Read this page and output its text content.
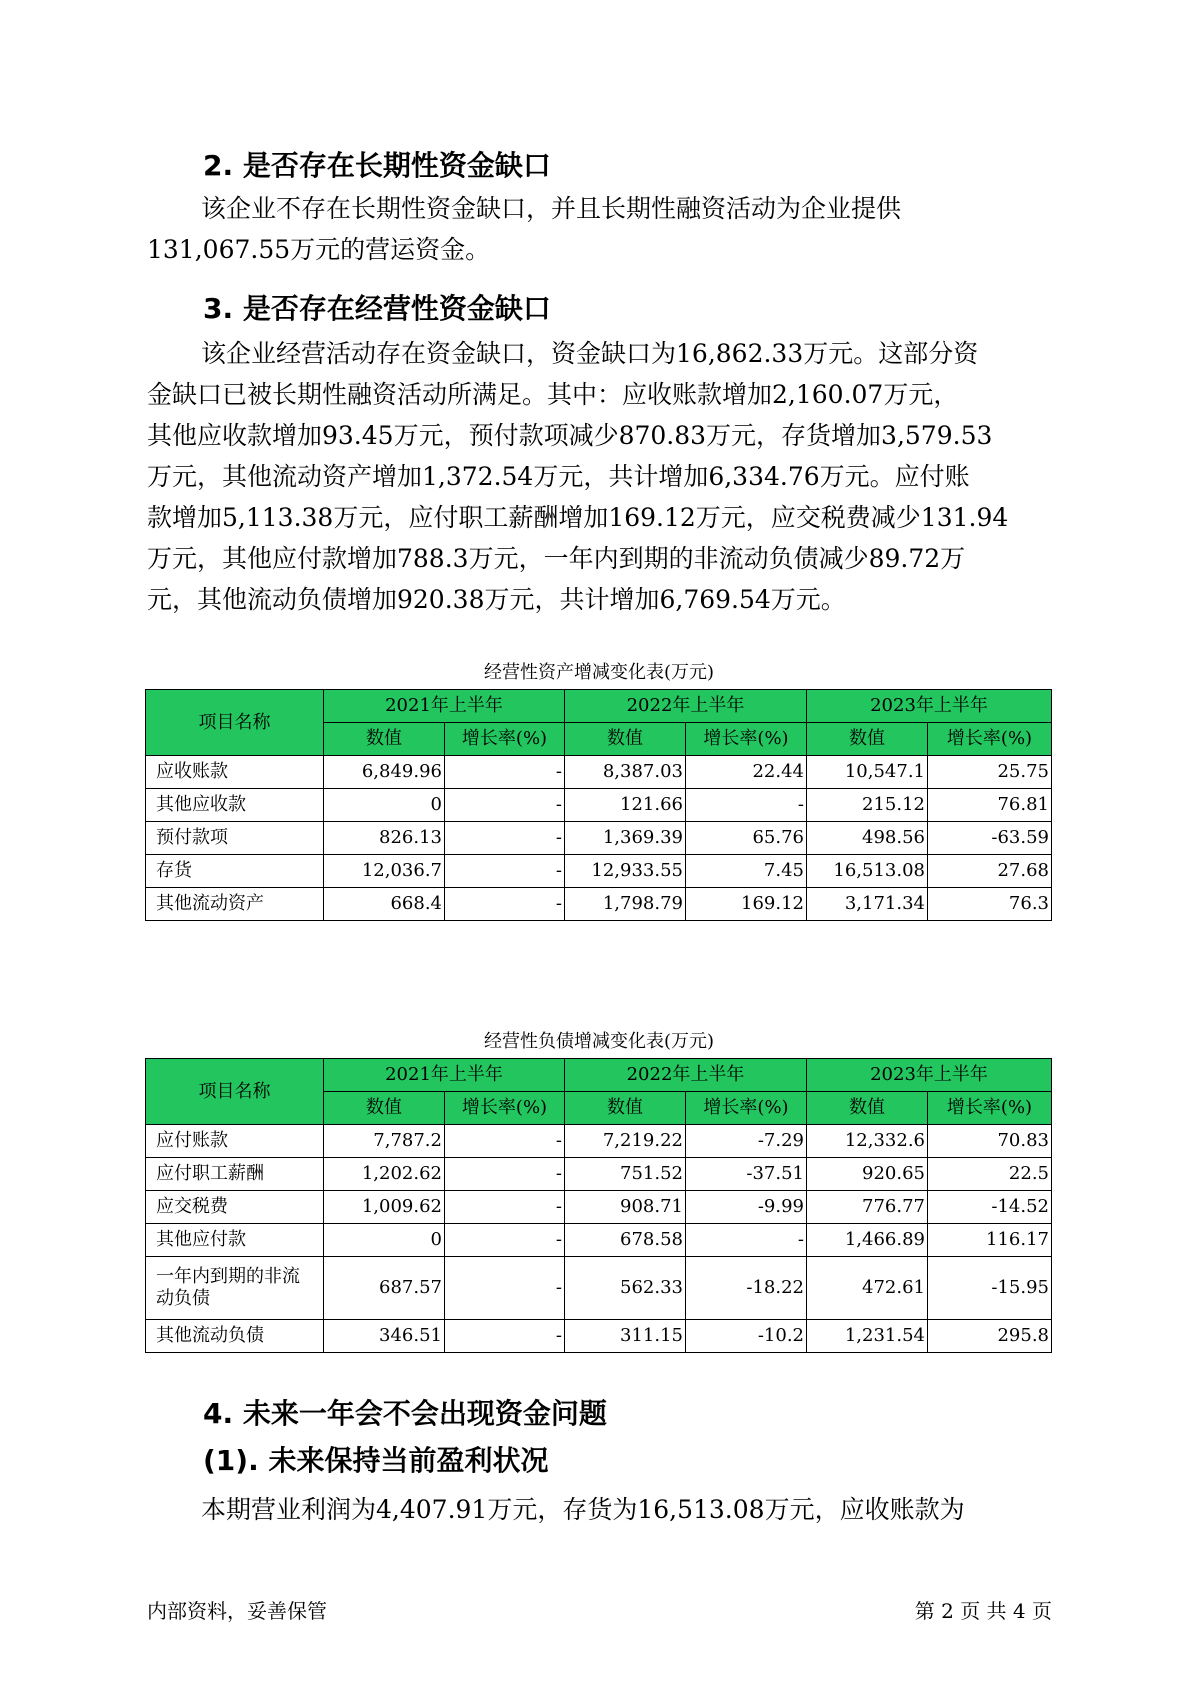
2. 是否存在长期性资金缺口
该企业不存在长期性资金缺口，并且长期性融资活动为企业提供
131,067.55万元的营运资金。
3. 是否存在经营性资金缺口
该企业经营活动存在资金缺口，资金缺口为16,862.33万元。这部分资
金缺口已被长期性融资活动所满足。其中：应收账款增加2,160.07万元，
其他应收款增加93.45万元，预付款项减少870.83万元，存货增加3,579.53
万元，其他流动资产增加1,372.54万元，共计增加6,334.76万元。应付账
款增加5,113.38万元，应付职工薪酬增加169.12万元，应交税费减少131.94
万元，其他应付款增加788.3万元，一年内到期的非流动负债减少89.72万
元，其他流动负债增加920.38万元，共计增加6,769.54万元。

经营性资产增减变化表(万元)

项目名称	2021年上半年		2022年上半年		2023年上半年	
	数值	增长率(%)	数值	增长率(%)	数值	增长率(%)
应收账款	6,849.96	-	8,387.03	22.44	10,547.1	25.75
其他应收款	0	-	121.66	-	215.12	76.81
预付款项	826.13	-	1,369.39	65.76	498.56	-63.59
存货	12,036.7	-	12,933.55	7.45	16,513.08	27.68
其他流动资产	668.4	-	1,798.79	169.12	3,171.34	76.3

经营性负债增减变化表(万元)

项目名称	2021年上半年		2022年上半年		2023年上半年	
	数值	增长率(%)	数值	增长率(%)	数值	增长率(%)
应付账款	7,787.2	-	7,219.22	-7.29	12,332.6	70.83
应付职工薪酬	1,202.62	-	751.52	-37.51	920.65	22.5
应交税费	1,009.62	-	908.71	-9.99	776.77	-14.52
其他应付款	0	-	678.58	-	1,466.89	116.17

一年内到期的非流
动负债	687.57	-	562.33	-18.22	472.61	-15.95
其他流动负债	346.51	-	311.15	-10.2	1,231.54	295.8
4. 未来一年会不会出现资金问题
(1). 未来保持当前盈利状况
本期营业利润为4,407.91万元，存货为16,513.08万元，应收账款为

内部资料，妥善保管	第 2 页 共 4 页
